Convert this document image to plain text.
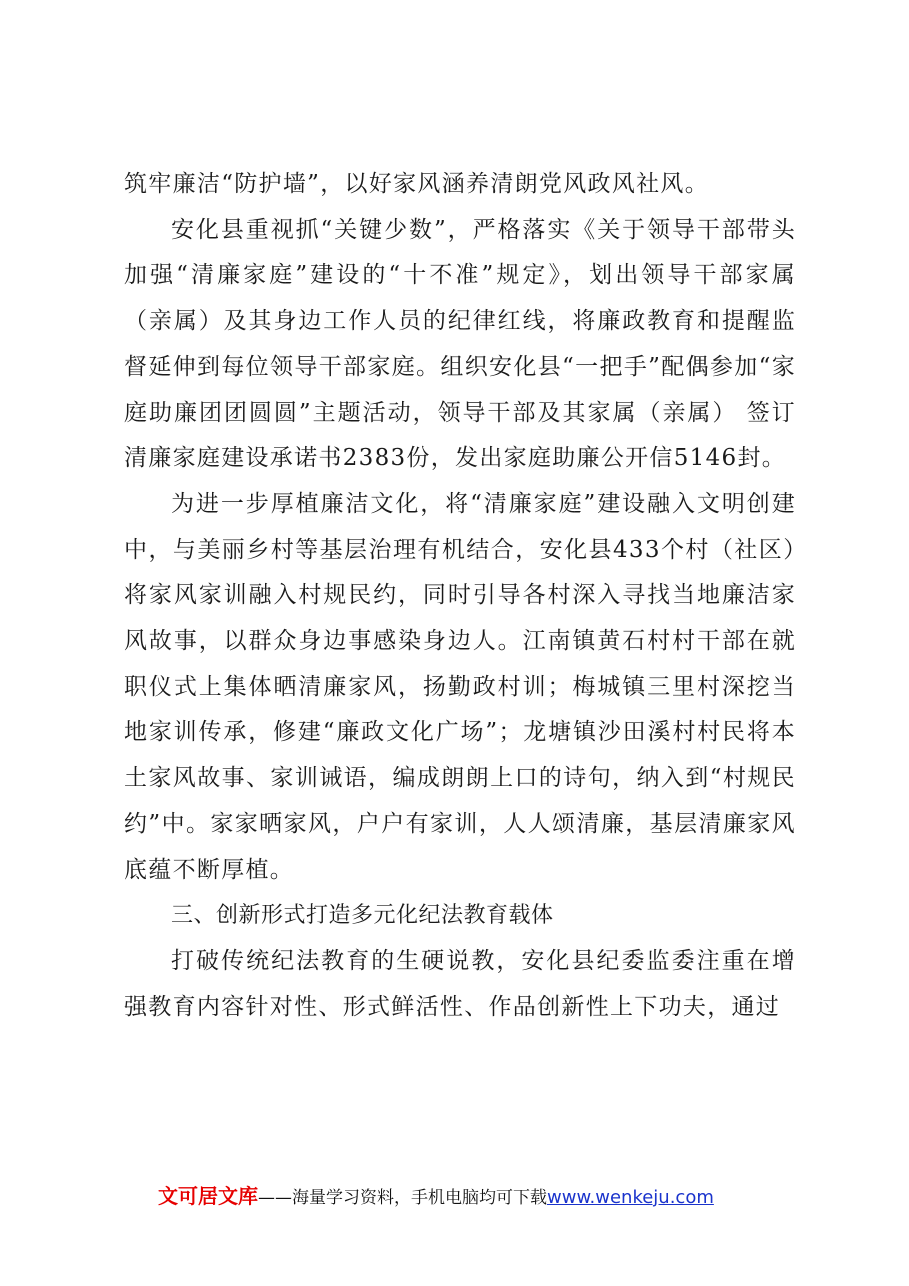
筑牢廉洁“防护墙”，以好家风涵养清朗党风政风社风。

安化县重视抓“关键少数”，严格落实《关于领导干部带头加强“清廉家庭”建设的“十不准”规定》，划出领导干部家属（亲属）及其身边工作人员的纪律红线，将廉政教育和提醒监督延伸到每位领导干部家庭。组织安化县“一把手”配偶参加“家庭助廉团团圆圆”主题活动，领导干部及其家属（亲属） 签订清廉家庭建设承诺书2383份，发出家庭助廉公开信5146封。

为进一步厚植廉洁文化，将“清廉家庭”建设融入文明创建中，与美丽乡村等基层治理有机结合，安化县433个村（社区）将家风家训融入村规民约，同时引导各村深入寻找当地廉洁家风故事，以群众身边事感染身边人。江南镇黄石村村干部在就职仪式上集体晒清廉家风，扬勤政村训；梅城镇三里村深挖当地家训传承，修建“廉政文化广场”；龙塘镇沙田溪村村民将本土家风故事、家训诫语，编成朗朗上口的诗句，纳入到“村规民约”中。家家晒家风，户户有家训，人人颂清廉，基层清廉家风底蕴不断厚植。

三、创新形式打造多元化纪法教育载体

打破传统纪法教育的生硬说教，安化县纪委监委注重在增强教育内容针对性、形式鲜活性、作品创新性上下功夫，通过

文可居文库——海量学习资料，手机电脑均可下载www.wenkeju.com
